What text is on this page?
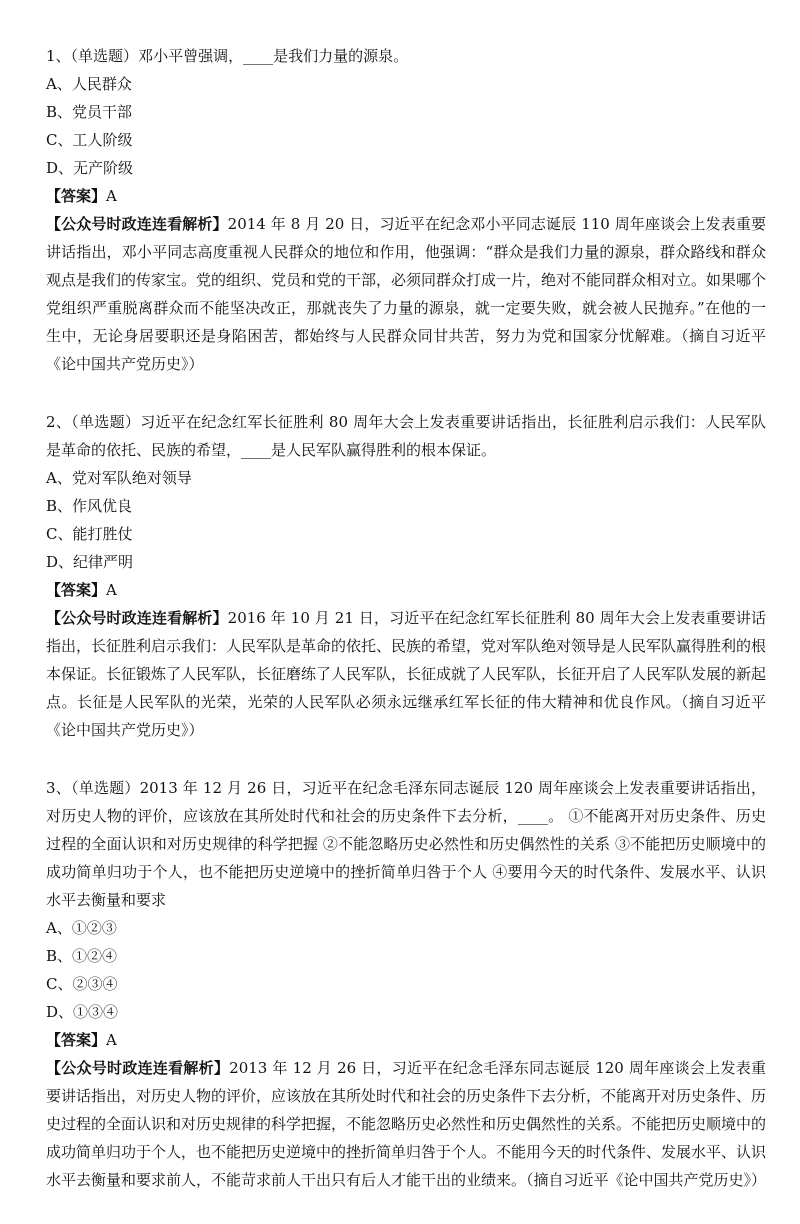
1、（单选题）邓小平曾强调，____是我们力量的源泉。

A、人民群众

B、党员干部

C、工人阶级

D、无产阶级

【答案】A

【公众号时政连连看解析】2014 年 8 月 20 日，习近平在纪念邓小平同志诞辰 110 周年座谈会上发表重要讲话指出，邓小平同志高度重视人民群众的地位和作用，他强调：“群众是我们力量的源泉，群众路线和群众观点是我们的传家宝。党的组织、党员和党的干部，必须同群众打成一片，绝对不能同群众相对立。如果哪个党组织严重脱离群众而不能坚决改正，那就丧失了力量的源泉，就一定要失败，就会被人民抛弃。”在他的一生中，无论身居要职还是身陷困苦，都始终与人民群众同甘共苦，努力为党和国家分忧解难。（摘自习近平《论中国共产党历史》）

2、（单选题）习近平在纪念红军长征胜利 80 周年大会上发表重要讲话指出，长征胜利启示我们：人民军队是革命的依托、民族的希望，____是人民军队赢得胜利的根本保证。

A、党对军队绝对领导

B、作风优良

C、能打胜仗

D、纪律严明

【答案】A

【公众号时政连连看解析】2016 年 10 月 21 日，习近平在纪念红军长征胜利 80 周年大会上发表重要讲话指出，长征胜利启示我们：人民军队是革命的依托、民族的希望，党对军队绝对领导是人民军队赢得胜利的根本保证。长征锻炼了人民军队，长征磨练了人民军队，长征成就了人民军队，长征开启了人民军队发展的新起点。长征是人民军队的光荣，光荣的人民军队必须永远继承红军长征的伟大精神和优良作风。（摘自习近平《论中国共产党历史》）

3、（单选题）2013 年 12 月 26 日，习近平在纪念毛泽东同志诞辰 120 周年座谈会上发表重要讲话指出，对历史人物的评价，应该放在其所处时代和社会的历史条件下去分析，____。 ①不能离开对历史条件、历史过程的全面认识和对历史规律的科学把握 ②不能忽略历史必然性和历史偶然性的关系 ③不能把历史顺境中的成功简单归功于个人，也不能把历史逆境中的挫折简单归咎于个人 ④要用今天的时代条件、发展水平、认识水平去衡量和要求

A、①②③

B、①②④

C、②③④

D、①③④

【答案】A

【公众号时政连连看解析】2013 年 12 月 26 日，习近平在纪念毛泽东同志诞辰 120 周年座谈会上发表重要讲话指出，对历史人物的评价，应该放在其所处时代和社会的历史条件下去分析，不能离开对历史条件、历史过程的全面认识和对历史规律的科学把握，不能忽略历史必然性和历史偶然性的关系。不能把历史顺境中的成功简单归功于个人，也不能把历史逆境中的挫折简单归咎于个人。不能用今天的时代条件、发展水平、认识水平去衡量和要求前人，不能苛求前人干出只有后人才能干出的业绩来。（摘自习近平《论中国共产党历史》）
